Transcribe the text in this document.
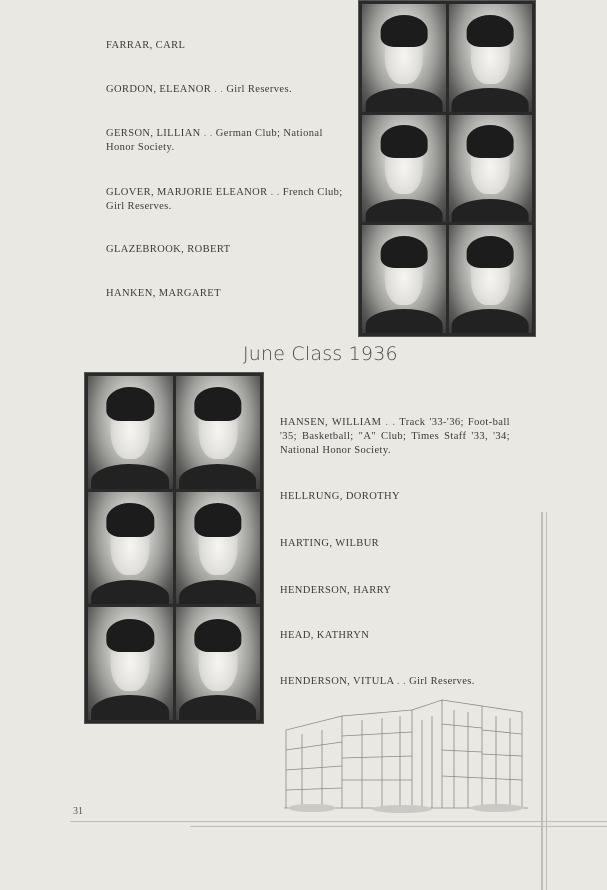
FARRAR, CARL
GORDON, ELEANOR . . Girl Reserves.
GERSON, LILLIAN . . German Club; National Honor Society.
GLOVER, MARJORIE ELEANOR . . French Club; Girl Reserves.
GLAZEBROOK, ROBERT
HANKEN, MARGARET
June Class 1936
HANSEN, WILLIAM . . Track '33-'36; Foot-ball '35; Basketball; "A" Club; Times Staff '33, '34; National Honor Society.
HELLRUNG, DOROTHY
HARTING, WILBUR
HENDERSON, HARRY
HEAD, KATHRYN
HENDERSON, VITULA . . Girl Reserves.
31
